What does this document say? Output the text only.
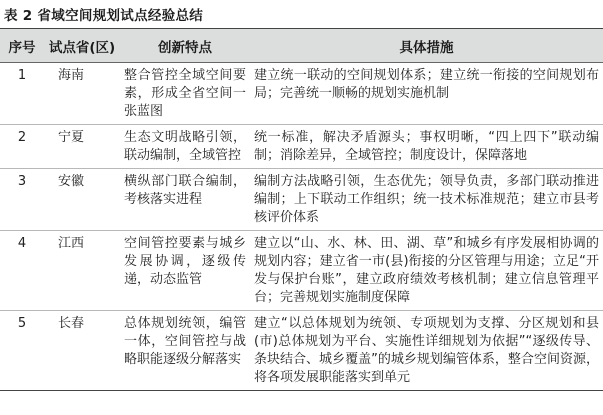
表 2 省域空间规划试点经验总结
序号	试点省(区)	创新特点	具体措施
1	海南	整合管控全域空间要素，形成全省空间一张蓝图	建立统一联动的空间规划体系；建立统一衔接的空间规划布局；完善统一顺畅的规划实施机制
2	宁夏	生态文明战略引领，联动编制，全域管控	统一标准，解决矛盾源头；事权明晰，“四上四下”联动编制；消除差异，全域管控；制度设计，保障落地
3	安徽	横纵部门联合编制，考核落实进程	编制方法战略引领，生态优先；领导负责，多部门联动推进编制；上下联动工作组织；统一技术标准规范；建立市县考核评价体系
4	江西	空间管控要素与城乡发展协调，逐级传递，动态监管	建立以“山、水、林、田、湖、草”和城乡有序发展相协调的规划内容；建立省一市(县)衔接的分区管理与用途；立足“开发与保护台账”，建立政府绩效考核机制；建立信息管理平台；完善规划实施制度保障
5	长春	总体规划统领，编管一体，空间管控与战略职能逐级分解落实	建立“以总体规划为统领、专项规划为支撑、分区规划和县(市)总体规划为平台、实施性详细规划为依据”“逐级传导、条块结合、城乡覆盖”的城乡规划编管体系，整合空间资源，将各项发展职能落实到单元
